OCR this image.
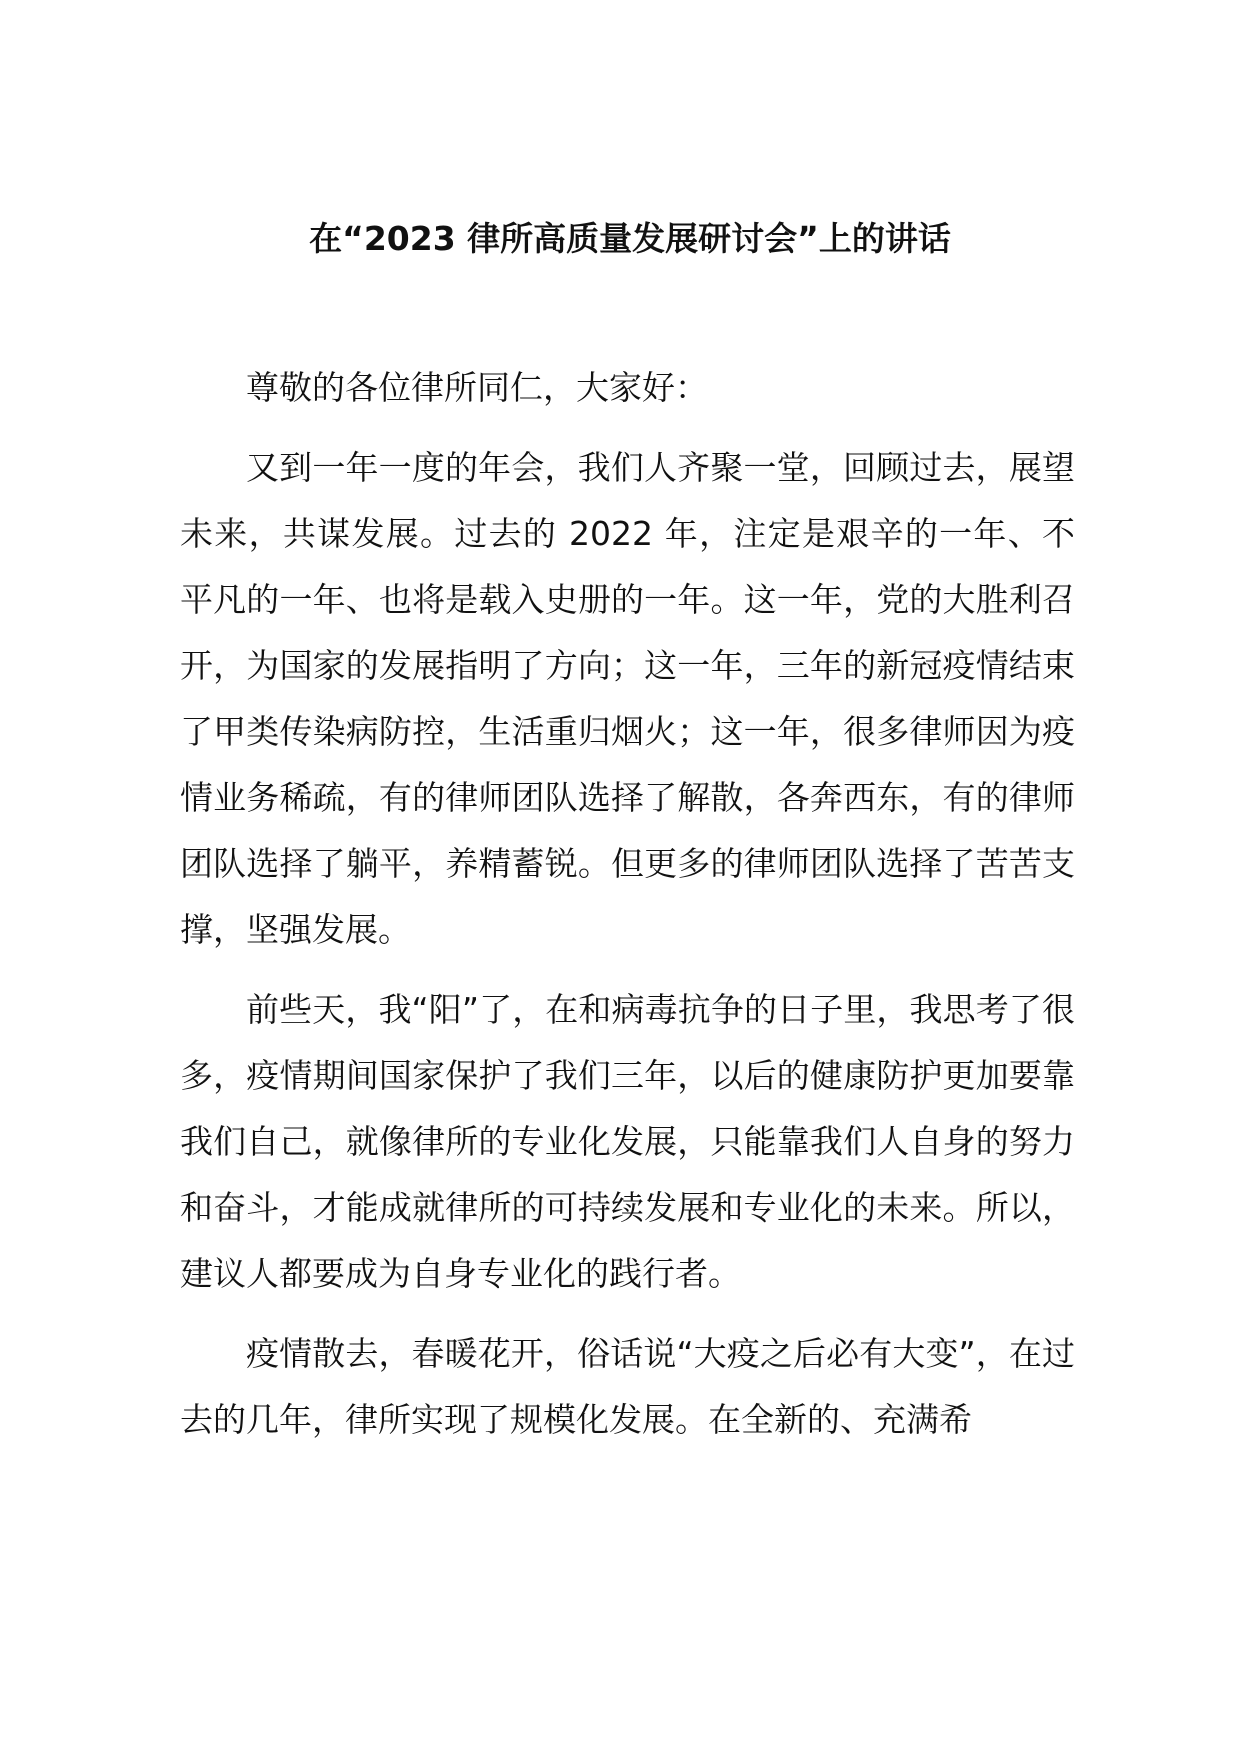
在“2023 律所高质量发展研讨会”上的讲话

尊敬的各位律所同仁，大家好：

又到一年一度的年会，我们人齐聚一堂，回顾过去，展望未来，共谋发展。过去的 2022 年，注定是艰辛的一年、不平凡的一年、也将是载入史册的一年。这一年，党的大胜利召开，为国家的发展指明了方向；这一年，三年的新冠疫情结束了甲类传染病防控，生活重归烟火；这一年，很多律师因为疫情业务稀疏，有的律师团队选择了解散，各奔西东，有的律师团队选择了躺平，养精蓄锐。但更多的律师团队选择了苦苦支撑，坚强发展。

前些天，我“阳”了，在和病毒抗争的日子里，我思考了很多，疫情期间国家保护了我们三年，以后的健康防护更加要靠我们自己，就像律所的专业化发展，只能靠我们人自身的努力和奋斗，才能成就律所的可持续发展和专业化的未来。所以，建议人都要成为自身专业化的践行者。

疫情散去，春暖花开，俗话说“大疫之后必有大变”，在过去的几年，律所实现了规模化发展。在全新的、充满希
